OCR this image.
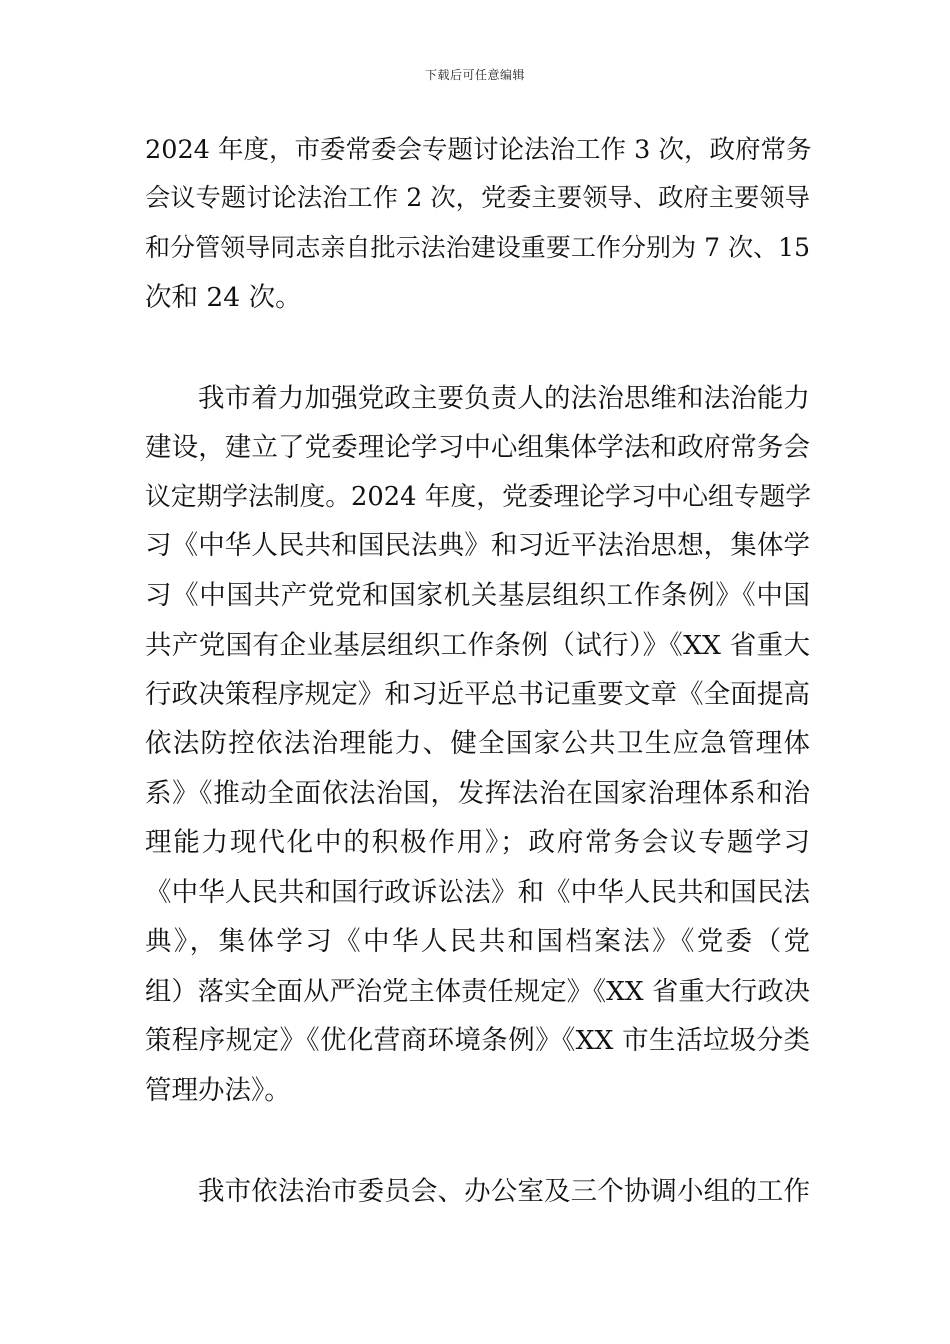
下载后可任意编辑
2024 年度，市委常委会专题讨论法治工作 3 次，政府常务
会议专题讨论法治工作 2 次，党委主要领导、政府主要领导
和分管领导同志亲自批示法治建设重要工作分别为 7 次、15
次和 24 次。
我市着力加强党政主要负责人的法治思维和法治能力
建设，建立了党委理论学习中心组集体学法和政府常务会
议定期学法制度。2024 年度，党委理论学习中心组专题学
习《中华人民共和国民法典》和习近平法治思想，集体学
习《中国共产党党和国家机关基层组织工作条例》《中国
共产党国有企业基层组织工作条例（试行）》《XX 省重大
行政决策程序规定》和习近平总书记重要文章《全面提高
依法防控依法治理能力、健全国家公共卫生应急管理体
系》《推动全面依法治国，发挥法治在国家治理体系和治
理能力现代化中的积极作用》；政府常务会议专题学习
《中华人民共和国行政诉讼法》和《中华人民共和国民法
典》，集体学习《中华人民共和国档案法》《党委（党
组）落实全面从严治党主体责任规定》《XX 省重大行政决
策程序规定》《优化营商环境条例》《XX 市生活垃圾分类
管理办法》。
我市依法治市委员会、办公室及三个协调小组的工作
